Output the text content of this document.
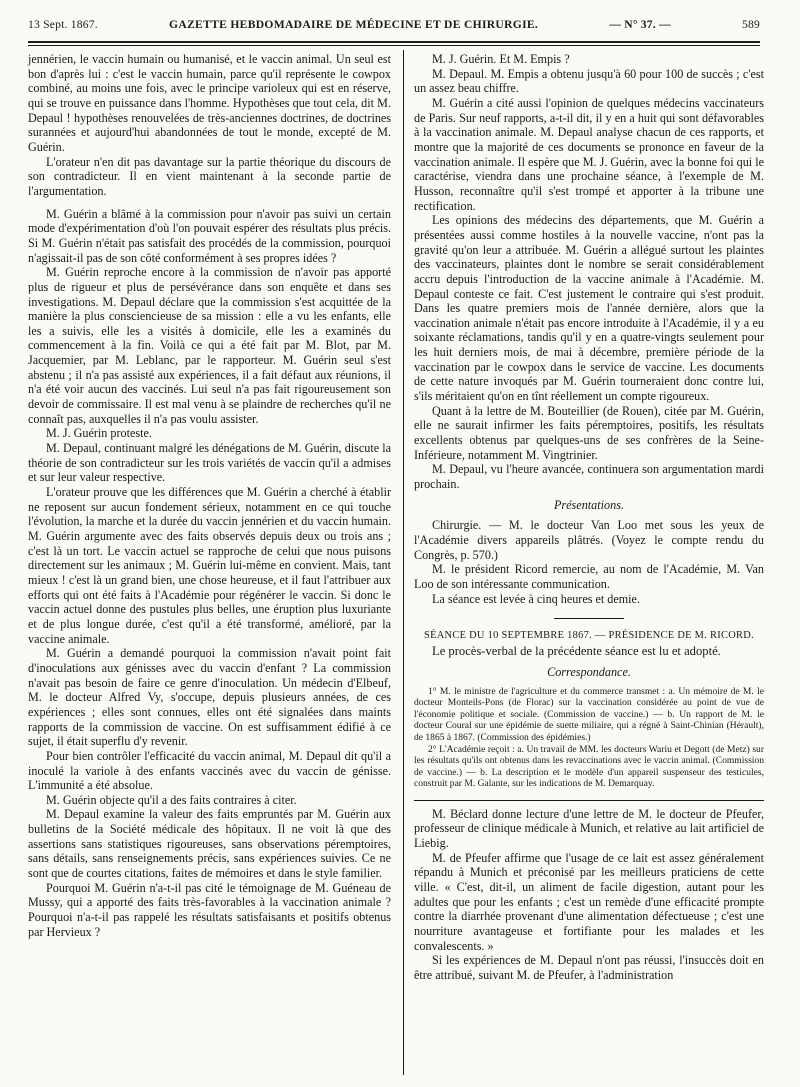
13 Sept. 1867.	GAZETTE HEBDOMADAIRE DE MÉDECINE ET DE CHIRURGIE.	— N° 37. —	589

jennérien, le vaccin humain ou humanisé, et le vaccin animal. Un seul est bon d'après lui : c'est le vaccin humain, parce qu'il représente le cowpox combiné, au moins une fois, avec le principe varioleux qui est en réserve, qui se trouve en puissance dans l'homme. Hypothèses que tout cela, dit M. Depaul ! hypothèses renouvelées de très-anciennes doctrines, de doctrines surannées et aujourd'hui abandonnées de tout le monde, excepté de M. Guérin.

L'orateur n'en dit pas davantage sur la partie théorique du discours de son contradicteur. Il en vient maintenant à la seconde partie de l'argumentation.

M. Guérin a blâmé à la commission pour n'avoir pas suivi un certain mode d'expérimentation d'où l'on pouvait espérer des résultats plus précis. Si M. Guérin n'était pas satisfait des procédés de la commission, pourquoi n'agissait-il pas de son côté conformément à ses propres idées ?

M. Guérin reproche encore à la commission de n'avoir pas apporté plus de rigueur et plus de persévérance dans son enquête et dans ses investigations. M. Depaul déclare que la commission s'est acquittée de la manière la plus consciencieuse de sa mission : elle a vu les enfants, elle les a suivis, elle les a visités à domicile, elle les a examinés du commencement à la fin. Voilà ce qui a été fait par M. Blot, par M. Jacquemier, par M. Leblanc, par le rapporteur. M. Guérin seul s'est abstenu ; il n'a pas assisté aux expériences, il a fait défaut aux réunions, il n'a été voir aucun des vaccinés. Lui seul n'a pas fait rigoureusement son devoir de commissaire. Il est mal venu à se plaindre de recherches qu'il ne connaît pas, auxquelles il n'a pas voulu assister.

M. J. Guérin proteste.

M. Depaul, continuant malgré les dénégations de M. Guérin, discute la théorie de son contradicteur sur les trois variétés de vaccin qu'il a admises et sur leur valeur respective.

L'orateur prouve que les différences que M. Guérin a cherché à établir ne reposent sur aucun fondement sérieux, notamment en ce qui touche l'évolution, la marche et la durée du vaccin jennérien et du vaccin humain. M. Guérin argumente avec des faits observés depuis deux ou trois ans ; c'est là un tort. Le vaccin actuel se rapproche de celui que nous puisons directement sur les animaux ; M. Guérin lui-même en convient. Mais, tant mieux ! c'est là un grand bien, une chose heureuse, et il faut l'attribuer aux efforts qui ont été faits à l'Académie pour régénérer le vaccin. Si donc le vaccin actuel donne des pustules plus belles, une éruption plus luxuriante et de plus longue durée, c'est qu'il a été transformé, amélioré, par la vaccine animale.

M. Guérin a demandé pourquoi la commission n'avait point fait d'inoculations aux génisses avec du vaccin d'enfant ? La commission n'avait pas besoin de faire ce genre d'inoculation. Un médecin d'Elbeuf, M. le docteur Alfred Vy, s'occupe, depuis plusieurs années, de ces expériences ; elles sont connues, elles ont été signalées dans maints rapports de la commission de vaccine. On est suffisamment édifié à ce sujet, il était superflu d'y revenir.

Pour bien contrôler l'efficacité du vaccin animal, M. Depaul dit qu'il a inoculé la variole à des enfants vaccinés avec du vaccin de génisse. L'immunité a été absolue.

M. Guérin objecte qu'il a des faits contraires à citer.

M. Depaul examine la valeur des faits empruntés par M. Guérin aux bulletins de la Société médicale des hôpitaux. Il ne voit là que des assertions sans statistiques rigoureuses, sans observations péremptoires, sans détails, sans renseignements précis, sans expériences suivies. Ce ne sont que de courtes citations, faites de mémoires et dans le style familier.

Pourquoi M. Guérin n'a-t-il pas cité le témoignage de M. Guéneau de Mussy, qui a apporté des faits très-favorables à la vaccination animale ? Pourquoi n'a-t-il pas rappelé les résultats satisfaisants et positifs obtenus par Hervieux ?

M. J. Guérin. Et M. Empis ?

M. Depaul. M. Empis a obtenu jusqu'à 60 pour 100 de succès ; c'est un assez beau chiffre.

M. Guérin a cité aussi l'opinion de quelques médecins vaccinateurs de Paris. Sur neuf rapports, a-t-il dit, il y en a huit qui sont défavorables à la vaccination animale. M. Depaul analyse chacun de ces rapports, et montre que la majorité de ces documents se prononce en faveur de la vaccination animale. Il espère que M. J. Guérin, avec la bonne foi qui le caractérise, viendra dans une prochaine séance, à l'exemple de M. Husson, reconnaître qu'il s'est trompé et apporter à la tribune une rectification.

Les opinions des médecins des départements, que M. Guérin a présentées aussi comme hostiles à la nouvelle vaccine, n'ont pas la gravité qu'on leur a attribuée. M. Guérin a allégué surtout les plaintes des vaccinateurs, plaintes dont le nombre se serait considérablement accru depuis l'introduction de la vaccine animale à l'Académie. M. Depaul conteste ce fait. C'est justement le contraire qui s'est produit. Dans les quatre premiers mois de l'année dernière, alors que la vaccination animale n'était pas encore introduite à l'Académie, il y a eu soixante réclamations, tandis qu'il y en a quatre-vingts seulement pour les huit derniers mois, de mai à décembre, première période de la vaccination par le cowpox dans le service de vaccine. Les documents de cette nature invoqués par M. Guérin tourneraient donc contre lui, s'ils méritaient qu'on en tînt réellement un compte rigoureux.

Quant à la lettre de M. Bouteillier (de Rouen), citée par M. Guérin, elle ne saurait infirmer les faits péremptoires, positifs, les résultats excellents obtenus par quelques-uns de ses confrères de la Seine-Inférieure, notamment M. Vingtrinier.

M. Depaul, vu l'heure avancée, continuera son argumentation mardi prochain.

Présentations.

Chirurgie. — M. le docteur Van Loo met sous les yeux de l'Académie divers appareils plâtrés. (Voyez le compte rendu du Congrès, p. 570.)

M. le président Ricord remercie, au nom de l'Académie, M. Van Loo de son intéressante communication.

La séance est levée à cinq heures et demie.

SÉANCE DU 10 SEPTEMBRE 1867. — PRÉSIDENCE DE M. RICORD.

Le procès-verbal de la précédente séance est lu et adopté.

Correspondance.

1° M. le ministre de l'agriculture et du commerce transmet : a. Un mémoire de M. le docteur Monteils-Pons (de Florac) sur la vaccination considérée au point de vue de l'économie politique et sociale. (Commission de vaccine.) — b. Un rapport de M. le docteur Coural sur une épidémie de suette miliaire, qui a régné à Saint-Chinian (Hérault), de 1865 à 1867. (Commission des épidémies.)

2° L'Académie reçoit : a. Un travail de MM. les docteurs Wariu et Degott (de Metz) sur les résultats qu'ils ont obtenus dans les revaccinations avec le vaccin animal. (Commission de vaccine.) — b. La description et le modèle d'un appareil suspenseur des testicules, construit par M. Galante, sur les indications de M. Demarquay.

M. Béclard donne lecture d'une lettre de M. le docteur de Pfeufer, professeur de clinique médicale à Munich, et relative au lait artificiel de Liebig.

M. de Pfeufer affirme que l'usage de ce lait est assez généralement répandu à Munich et préconisé par les meilleurs praticiens de cette ville. « C'est, dit-il, un aliment de facile digestion, autant pour les adultes que pour les enfants ; c'est un remède d'une efficacité prompte contre la diarrhée provenant d'une alimentation défectueuse ; c'est une nourriture avantageuse et fortifiante pour les malades et les convalescents. »

Si les expériences de M. Depaul n'ont pas réussi, l'insuccès doit en être attribué, suivant M. de Pfeufer, à l'administration
